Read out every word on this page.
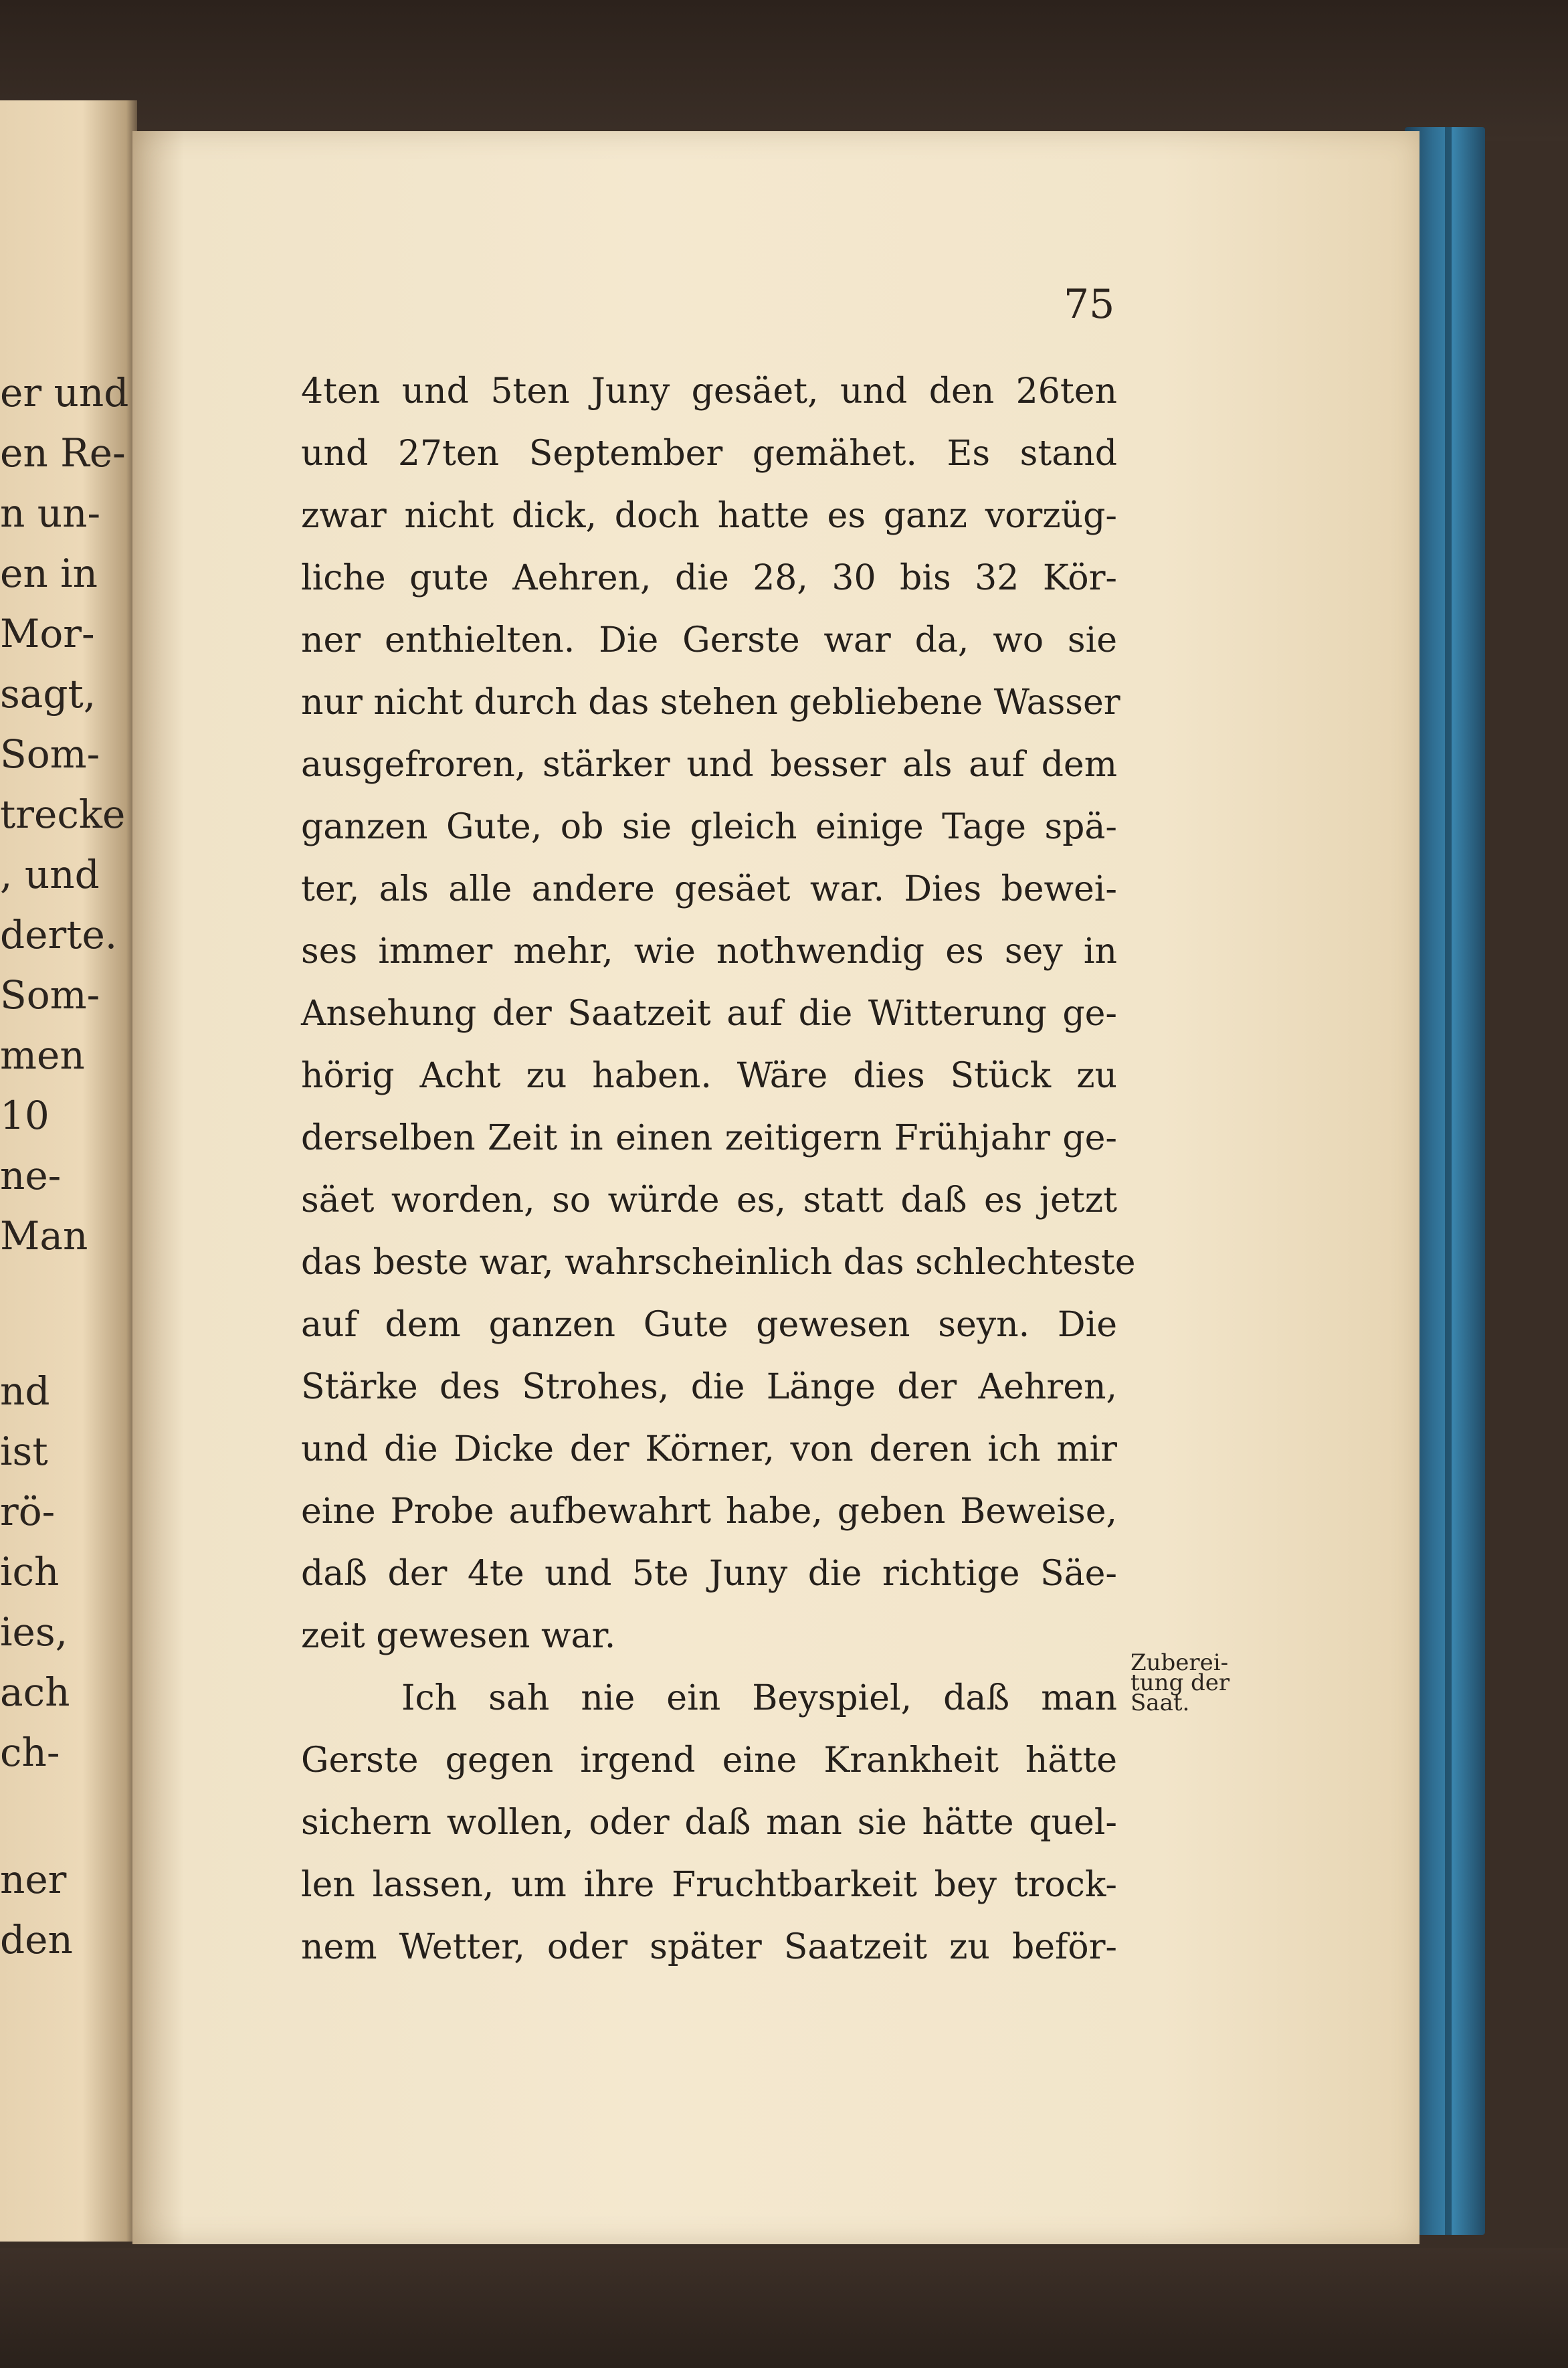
er und
en Re-
n un-
en in
Mor-
sagt,
Som-
trecke
, und
derte.
Som-
men
10
ne-
Man
nd
ist
rö-
ich
ies,
ach
ch-
ner
den
75
4ten und 5ten Juny gesäet, und den 26ten
und 27ten September gemähet. Es stand
zwar nicht dick, doch hatte es ganz vorzüg-
liche gute Aehren, die 28, 30 bis 32 Kör-
ner enthielten. Die Gerste war da, wo sie
nur nicht durch das stehen gebliebene Wasser
ausgefroren, stärker und besser als auf dem
ganzen Gute, ob sie gleich einige Tage spä-
ter, als alle andere gesäet war. Dies bewei-
ses immer mehr, wie nothwendig es sey in
Ansehung der Saatzeit auf die Witterung ge-
hörig Acht zu haben. Wäre dies Stück zu
derselben Zeit in einen zeitigern Frühjahr ge-
säet worden, so würde es, statt daß es jetzt
das beste war, wahrscheinlich das schlechteste
auf dem ganzen Gute gewesen seyn. Die
Stärke des Strohes, die Länge der Aehren,
und die Dicke der Körner, von deren ich mir
eine Probe aufbewahrt habe, geben Beweise,
daß der 4te und 5te Juny die richtige Säe-
zeit gewesen war.
Ich sah nie ein Beyspiel, daß man
Gerste gegen irgend eine Krankheit hätte
sichern wollen, oder daß man sie hätte quel-
len lassen, um ihre Fruchtbarkeit bey trock-
nem Wetter, oder später Saatzeit zu beför-
Zuberei-
tung der
Saat.
